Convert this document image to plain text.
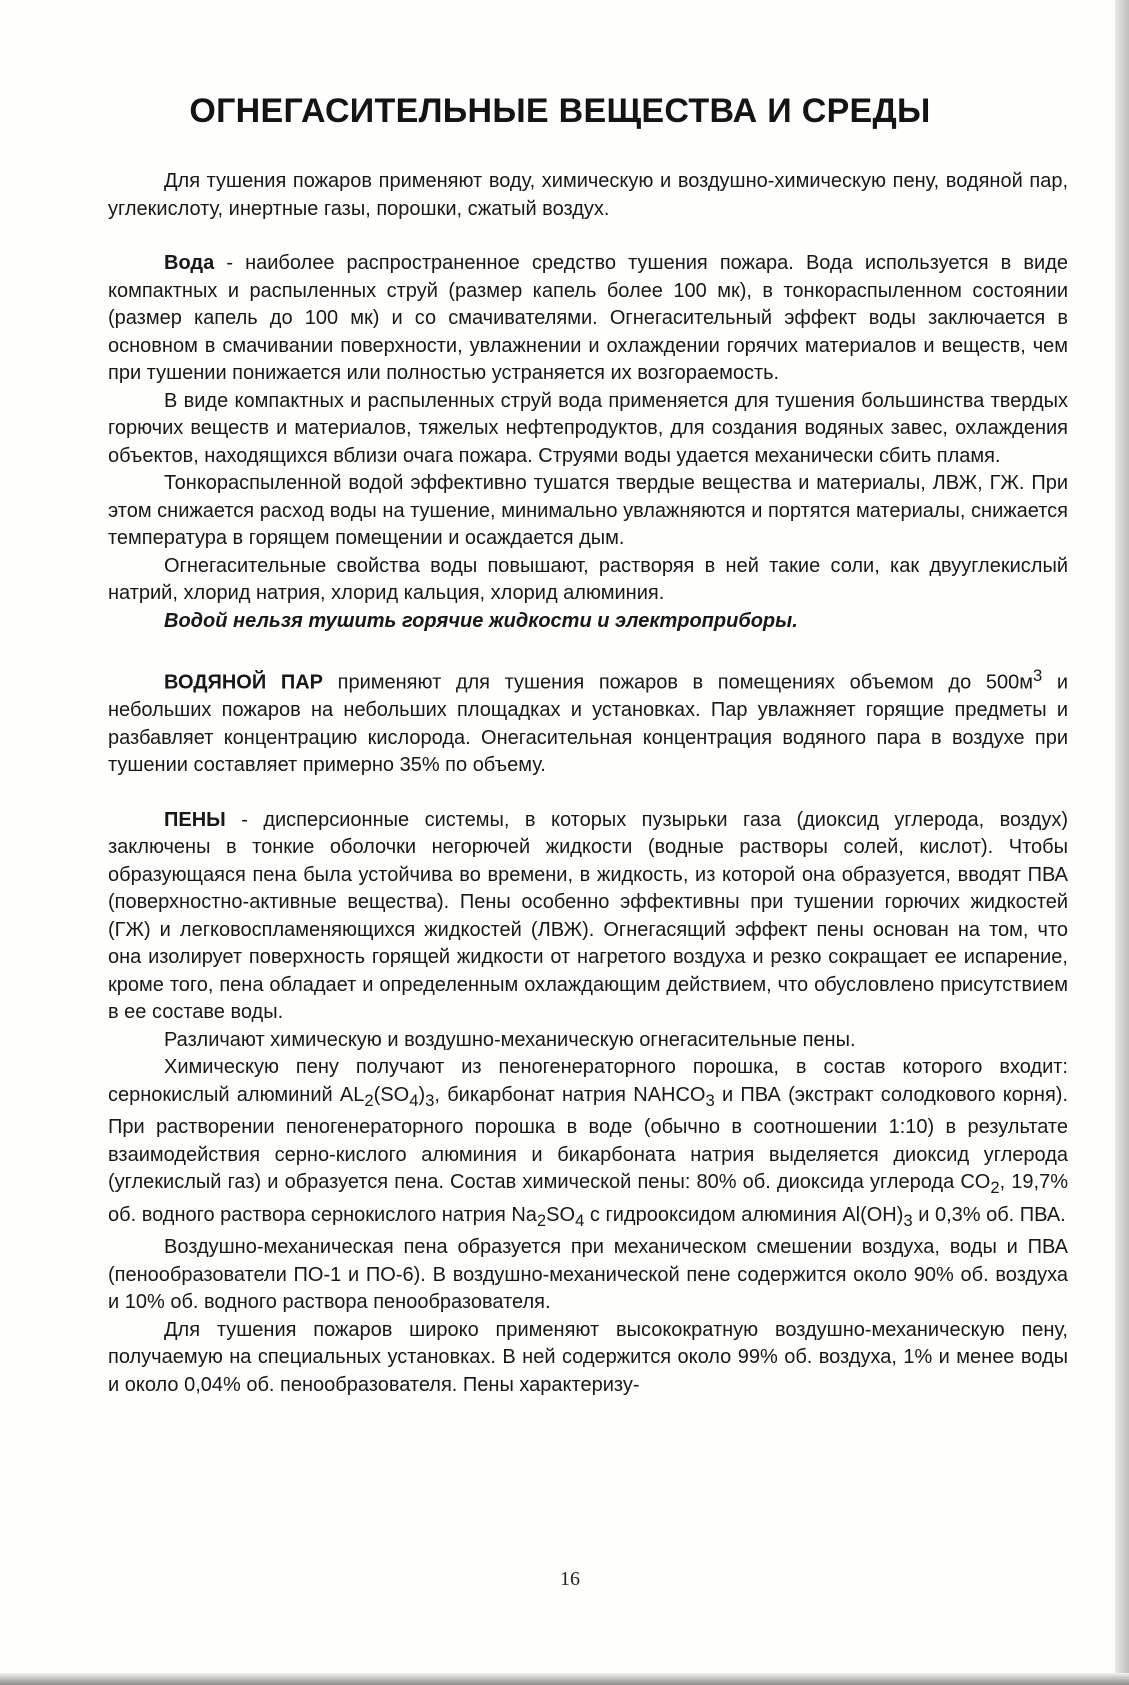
ОГНЕГАСИТЕЛЬНЫЕ ВЕЩЕСТВА И СРЕДЫ

Для тушения пожаров применяют воду, химическую и воздушно-химическую пену, водяной пар, углекислоту, инертные газы, порошки, сжатый воздух.

Вода - наиболее распространенное средство тушения пожара. Вода используется в виде компактных и распыленных струй (размер капель более 100 мк), в тонкораспыленном состоянии (размер капель до 100 мк) и со смачивателями. Огнегасительный эффект воды заключается в основном в смачивании поверхности, увлажнении и охлаждении горячих материалов и веществ, чем при тушении понижается или полностью устраняется их возгораемость.

В виде компактных и распыленных струй вода применяется для тушения большинства твердых горючих веществ и материалов, тяжелых нефтепродуктов, для создания водяных завес, охлаждения объектов, находящихся вблизи очага пожара. Струями воды удается механически сбить пламя.

Тонкораспыленной водой эффективно тушатся твердые вещества и материалы, ЛВЖ, ГЖ. При этом снижается расход воды на тушение, минимально увлажняются и портятся материалы, снижается температура в горящем помещении и осаждается дым.

Огнегасительные свойства воды повышают, растворяя в ней такие соли, как двууглекислый натрий, хлорид натрия, хлорид кальция, хлорид алюминия.

Водой нельзя тушить горячие жидкости и электроприборы.

ВОДЯНОЙ ПАР применяют для тушения пожаров в помещениях объемом до $500м^3$ и небольших пожаров на небольших площадках и установках. Пар увлажняет горящие предметы и разбавляет концентрацию кислорода. Онегасительная концентрация водяного пара в воздухе при тушении составляет примерно 35% по объему.

ПЕНЫ - дисперсионные системы, в которых пузырьки газа (диоксид углерода, воздух) заключены в тонкие оболочки негорючей жидкости (водные растворы солей, кислот). Чтобы образующаяся пена была устойчива во времени, в жидкость, из которой она образуется, вводят ПВА (поверхностно-активные вещества). Пены особенно эффективны при тушении горючих жидкостей (ГЖ) и легковоспламеняющихся жидкостей (ЛВЖ). Огнегасящий эффект пены основан на том, что она изолирует поверхность горящей жидкости от нагретого воздуха и резко сокращает ее испарение, кроме того, пена обладает и определенным охлаждающим действием, что обусловлено присутствием в ее составе воды.

Различают химическую и воздушно-механическую огнегасительные пены.

Химическую пену получают из пеногенераторного порошка, в состав которого входит: сернокислый алюминий $AL_2(SO_4)_3$, бикарбонат натрия $NAHCO_3$ и ПВА (экстракт солодкового корня). При растворении пеногенераторного порошка в воде (обычно в соотношении 1:10) в результате взаимодействия серно-кислого алюминия и бикарбоната натрия выделяется диоксид углерода (углекислый газ) и образуется пена. Состав химической пены: 80% об. диоксида углерода $CO_2$, 19,7% об. водного раствора сернокислого натрия $Na_2SO_4$ с гидрооксидом алюминия $Al(OH)_3$ и 0,3% об. ПВА.

Воздушно-механическая пена образуется при механическом смешении воздуха, воды и ПВА (пенообразователи ПО-1 и ПО-6). В воздушно-механической пене содержится около 90% об. воздуха и 10% об. водного раствора пенообразователя.

Для тушения пожаров широко применяют высокократную воздушно-механическую пену, получаемую на специальных установках. В ней содержится около 99% об. воздуха, 1% и менее воды и около 0,04% об. пенообразователя. Пены характеризу-

16
